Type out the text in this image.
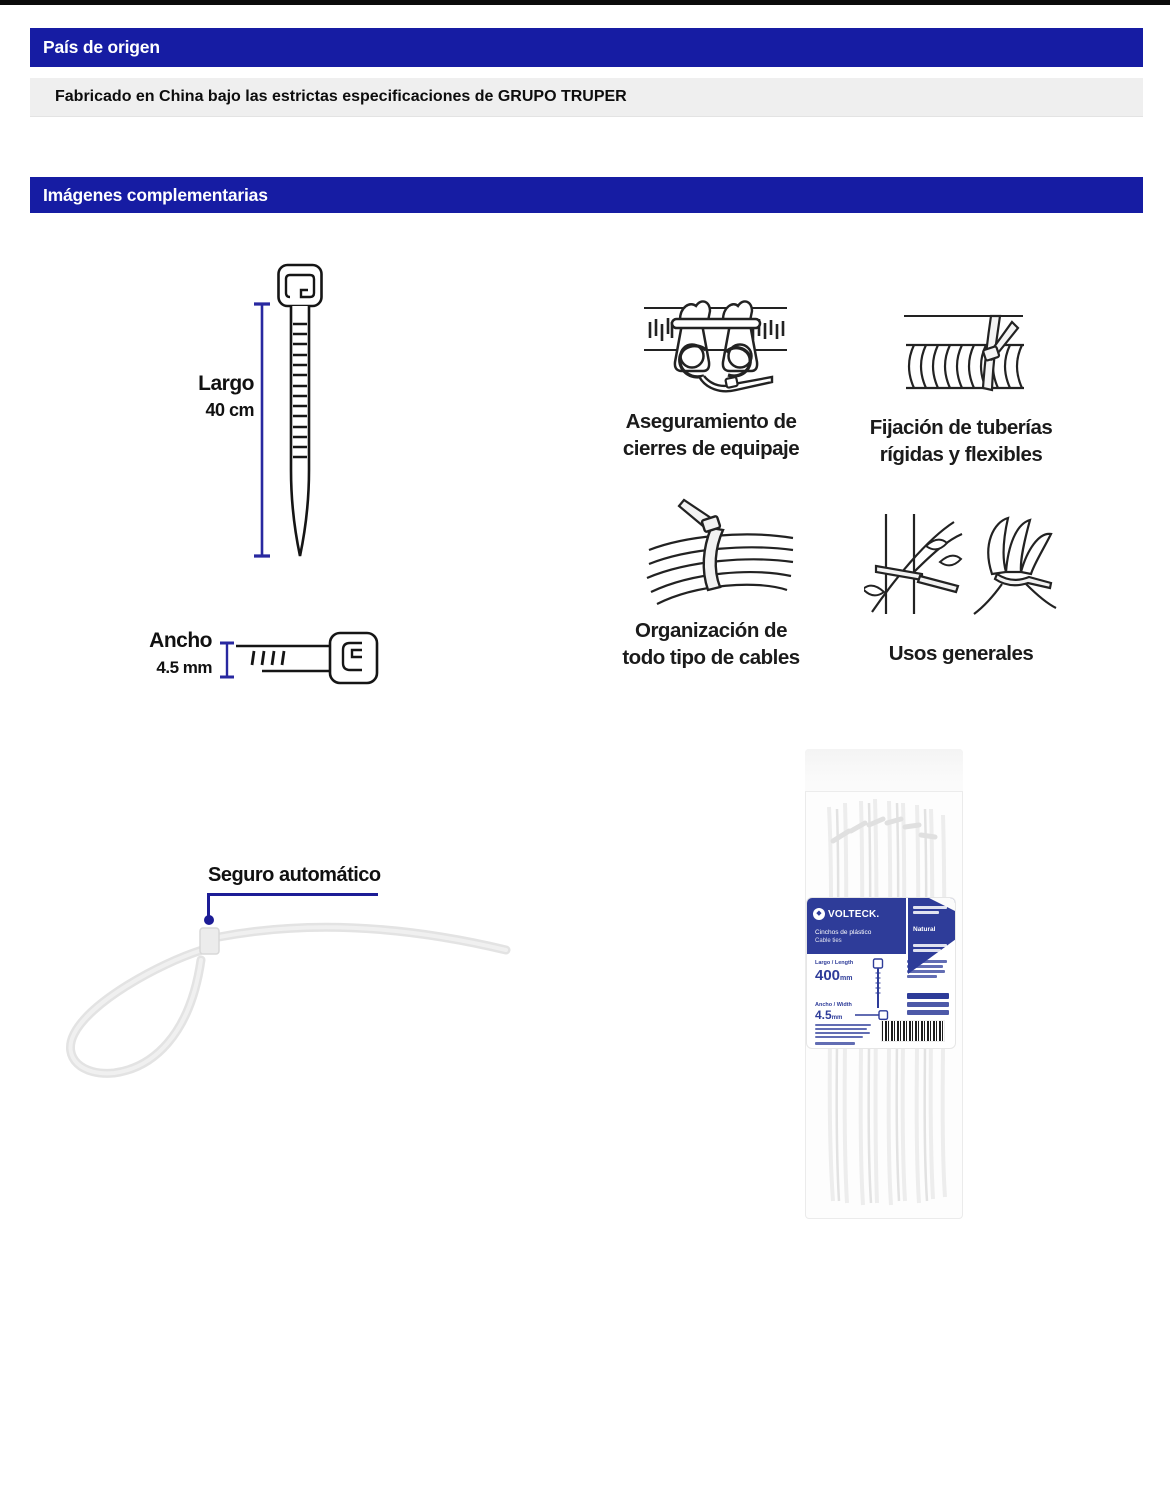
País de origen
Fabricado en China bajo las estrictas especificaciones de GRUPO TRUPER
Imágenes complementarias
Largo
40 cm
Ancho
4.5 mm
Aseguramiento de
cierres de equipaje
Fijación de tuberías
rígidas y flexibles
Organización de
todo tipo de cables	Usos generales
Seguro automático
◆ VOLTECK.
Cinchos de plástico
Cable ties
Natural
Largo / Length
400mm
Ancho / Width
4.5mm
